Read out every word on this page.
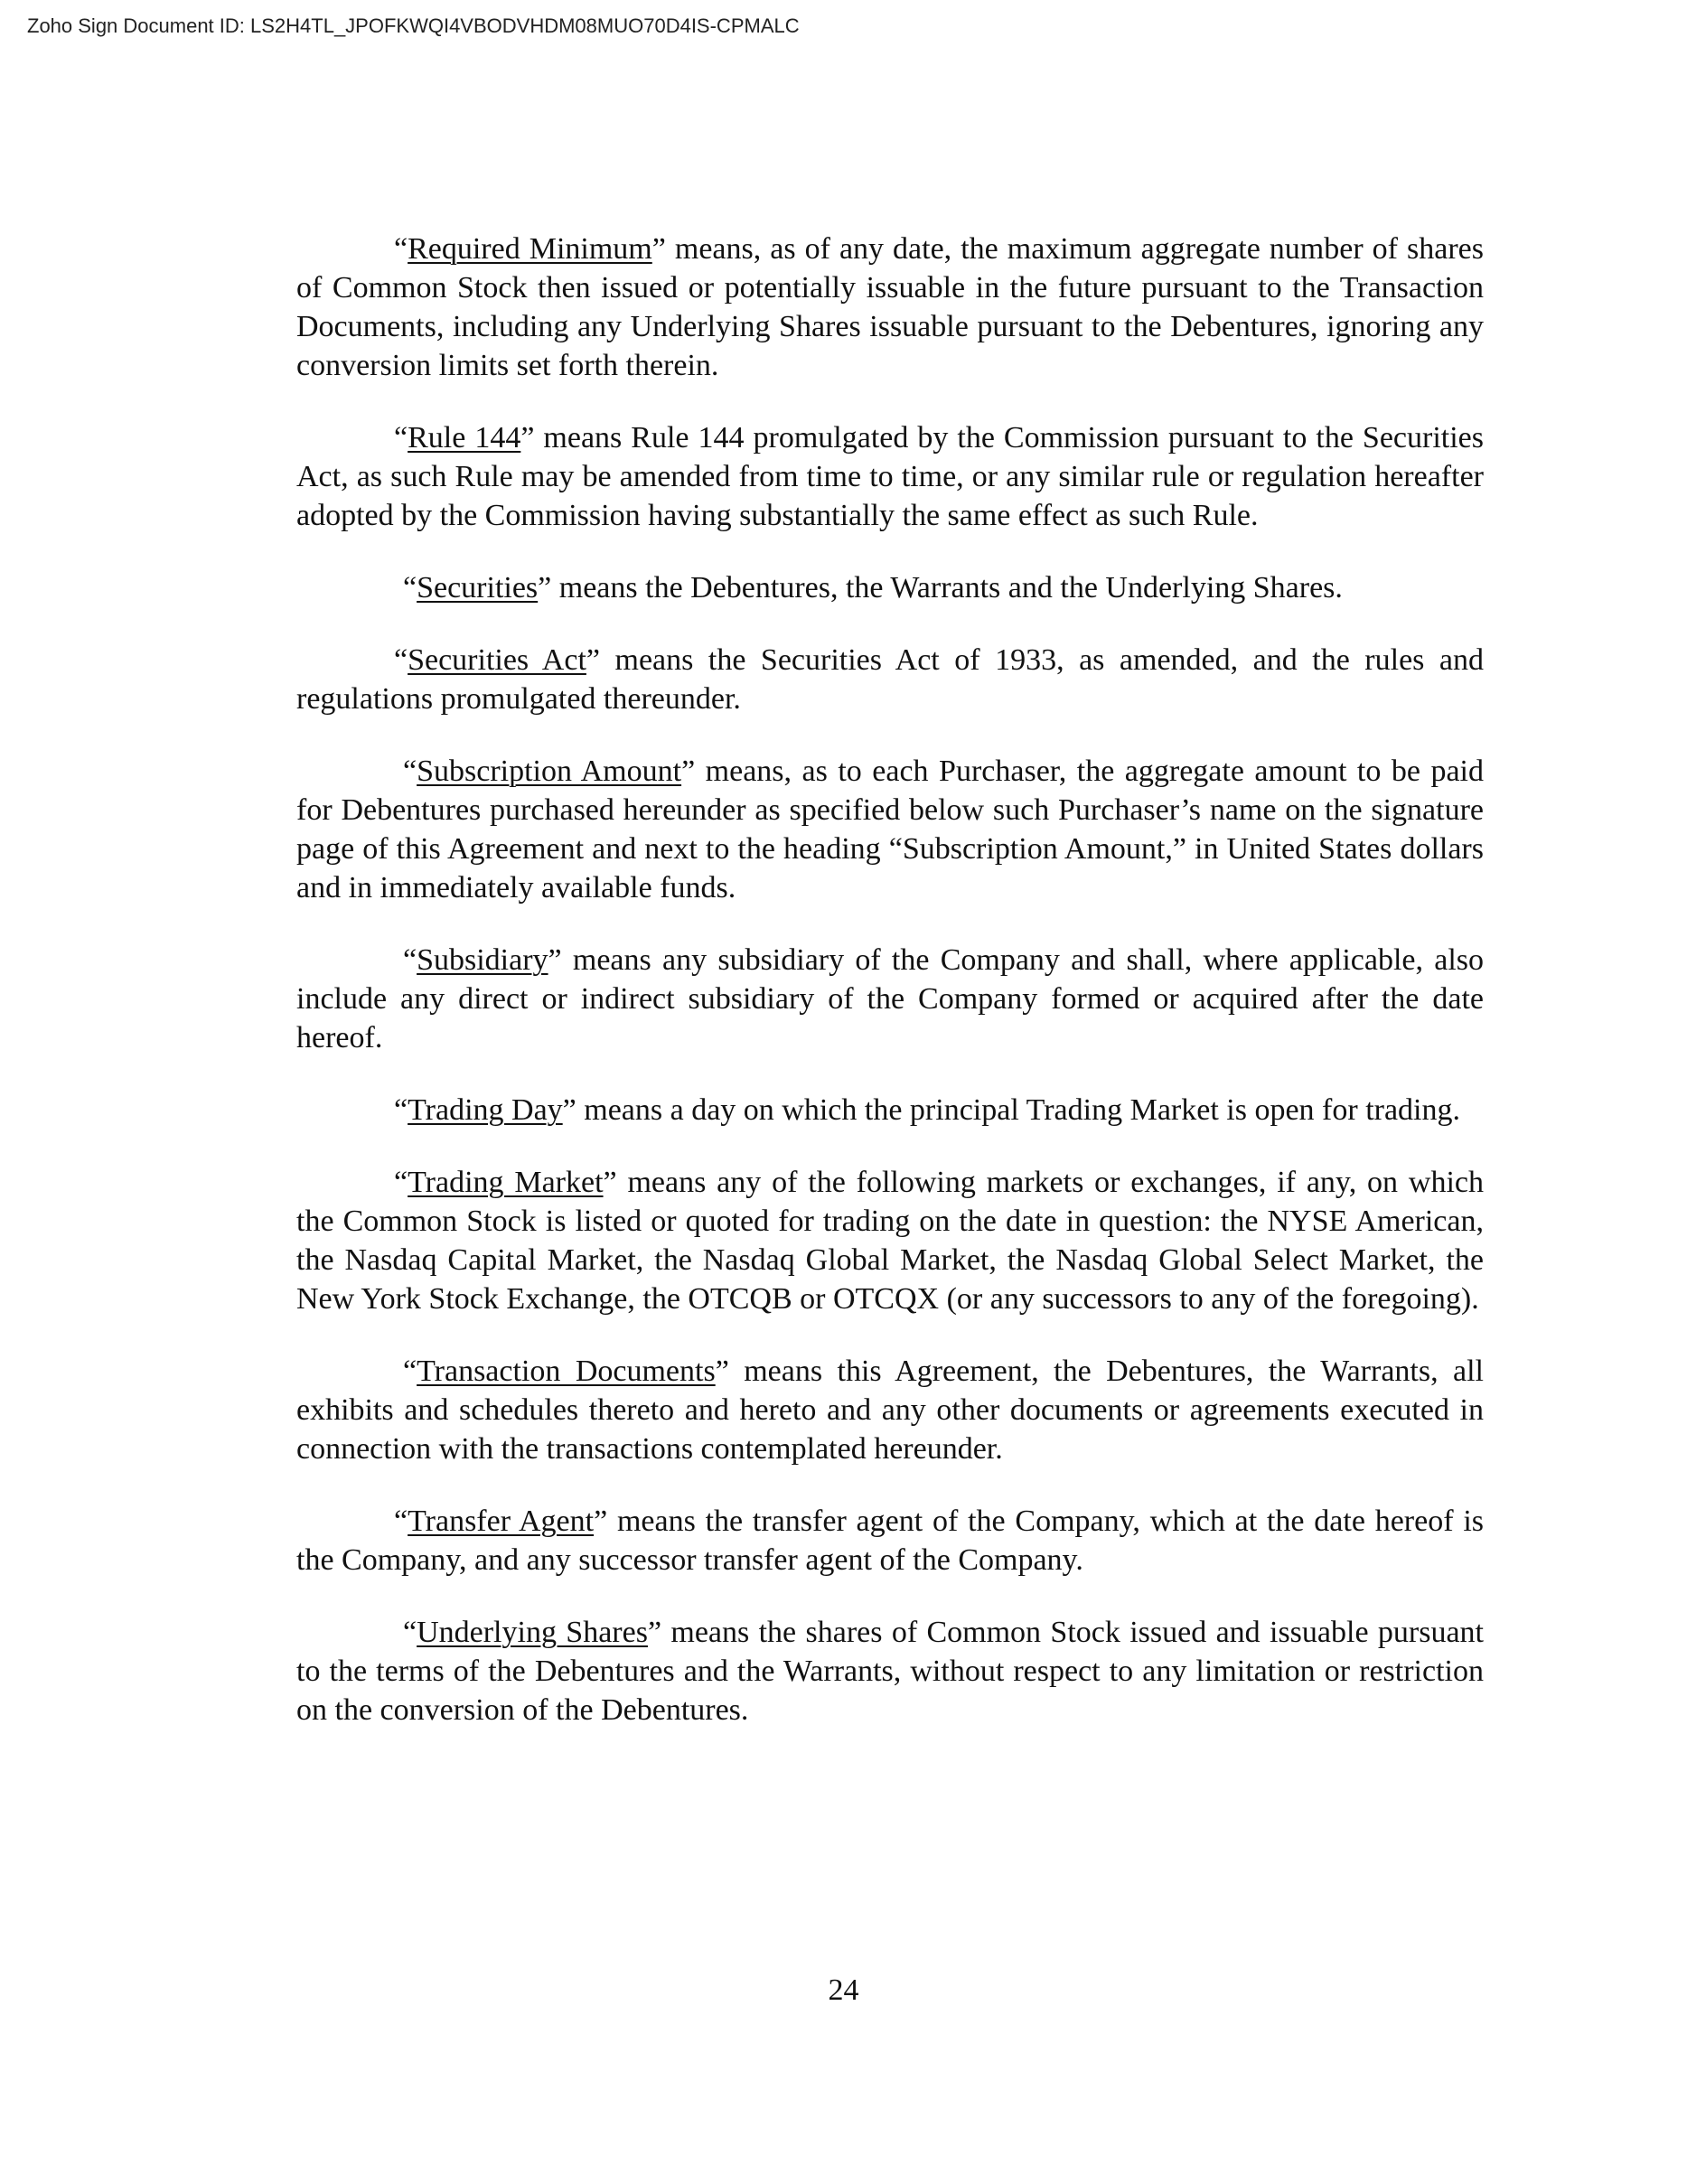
Zoho Sign Document ID: LS2H4TL_JPOFKWQI4VBODVHDM08MUO70D4IS-CPMALC

“Required Minimum” means, as of any date, the maximum aggregate number of shares of Common Stock then issued or potentially issuable in the future pursuant to the Transaction Documents, including any Underlying Shares issuable pursuant to the Debentures, ignoring any conversion limits set forth therein.

“Rule 144” means Rule 144 promulgated by the Commission pursuant to the Securities Act, as such Rule may be amended from time to time, or any similar rule or regulation hereafter adopted by the Commission having substantially the same effect as such Rule.

“Securities” means the Debentures, the Warrants and the Underlying Shares.

“Securities Act” means the Securities Act of 1933, as amended, and the rules and regulations promulgated thereunder.

“Subscription Amount” means, as to each Purchaser, the aggregate amount to be paid for Debentures purchased hereunder as specified below such Purchaser’s name on the signature page of this Agreement and next to the heading “Subscription Amount,” in United States dollars and in immediately available funds.

“Subsidiary” means any subsidiary of the Company and shall, where applicable, also include any direct or indirect subsidiary of the Company formed or acquired after the date hereof.

“Trading Day” means a day on which the principal Trading Market is open for trading.

“Trading Market” means any of the following markets or exchanges, if any, on which the Common Stock is listed or quoted for trading on the date in question: the NYSE American, the Nasdaq Capital Market, the Nasdaq Global Market, the Nasdaq Global Select Market, the New York Stock Exchange, the OTCQB or OTCQX (or any successors to any of the foregoing).

“Transaction Documents” means this Agreement, the Debentures, the Warrants, all exhibits and schedules thereto and hereto and any other documents or agreements executed in connection with the transactions contemplated hereunder.

“Transfer Agent” means the transfer agent of the Company, which at the date hereof is the Company, and any successor transfer agent of the Company.

“Underlying Shares” means the shares of Common Stock issued and issuable pursuant to the terms of the Debentures and the Warrants, without respect to any limitation or restriction on the conversion of the Debentures.

24
